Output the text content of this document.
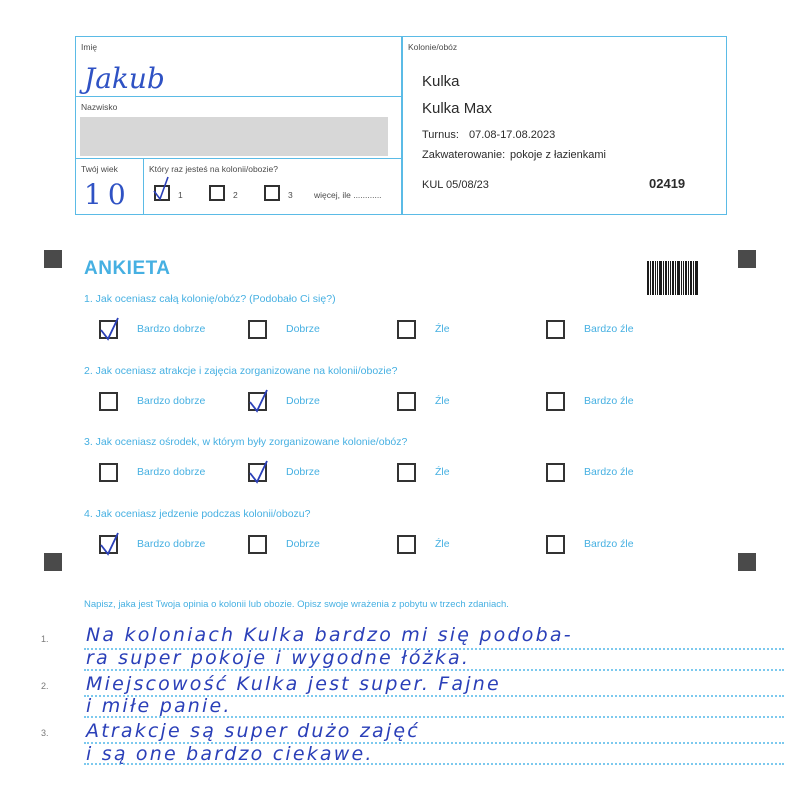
Imię
Jakub
Nazwisko
Twój wiek
10
Który raz jesteś na kolonii/obozie?
1	2	3	więcej, ile ............
Kolonie/obóz
Kulka
Kulka Max
Turnus: 07.08-17.08.2023
Zakwaterowanie: pokoje z łazienkami
KUL 05/08/23	02419
ANKIETA
1. Jak oceniasz całą kolonię/obóz? (Podobało Ci się?)
Bardzo dobrze	Dobrze	Źle	Bardzo źle
2. Jak oceniasz atrakcje i zajęcia zorganizowane na kolonii/obozie?
Bardzo dobrze	Dobrze	Źle	Bardzo źle
3. Jak oceniasz ośrodek, w którym były zorganizowane kolonie/obóz?
Bardzo dobrze	Dobrze	Źle	Bardzo źle
4. Jak oceniasz jedzenie podczas kolonii/obozu?
Bardzo dobrze	Dobrze	Źle	Bardzo źle
Napisz, jaka jest Twoja opinia o kolonii lub obozie. Opisz swoje wrażenia z pobytu w trzech zdaniach.
1.
2.
3.
Na koloniach Kulka bardzo mi się podoba-
ra super pokoje i wygodne łóżka.
Miejscowość Kulka jest super. Fajne
i miłe panie.
Atrakcje są super dużo zajęć
i są one bardzo ciekawe.
